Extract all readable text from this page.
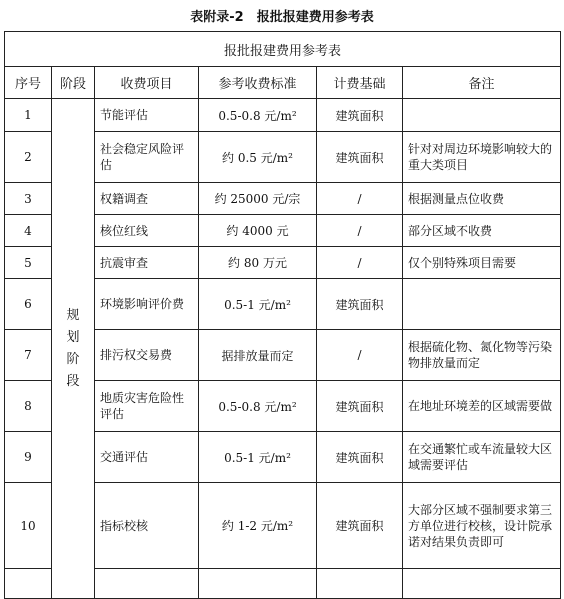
表附录-2　报批报建费用参考表
报批报建费用参考表					
序号	阶段	收费项目	参考收费标准	计费基础	备注
1	规划阶段	节能评估	0.5-0.8 元/m²	建筑面积	
2		社会稳定风险评估	约 0.5 元/m²	建筑面积	针对对周边环境影响较大的重大类项目
3		权籍调查	约 25000 元/宗	/	根据测量点位收费
4		核位红线	约 4000 元	/	部分区域不收费
5		抗震审查	约 80 万元	/	仅个别特殊项目需要
6		环境影响评价费	0.5-1 元/m²	建筑面积	
7		排污权交易费	据排放量而定	/	根据硫化物、氮化物等污染物排放量而定
8		地质灾害危险性评估	0.5-0.8 元/m²	建筑面积	在地址环境差的区域需要做
9		交通评估	0.5-1 元/m²	建筑面积	在交通繁忙或车流量较大区域需要评估
10		指标校核	约 1-2 元/m²	建筑面积	大部分区域不强制要求第三方单位进行校核，设计院承诺对结果负责即可
